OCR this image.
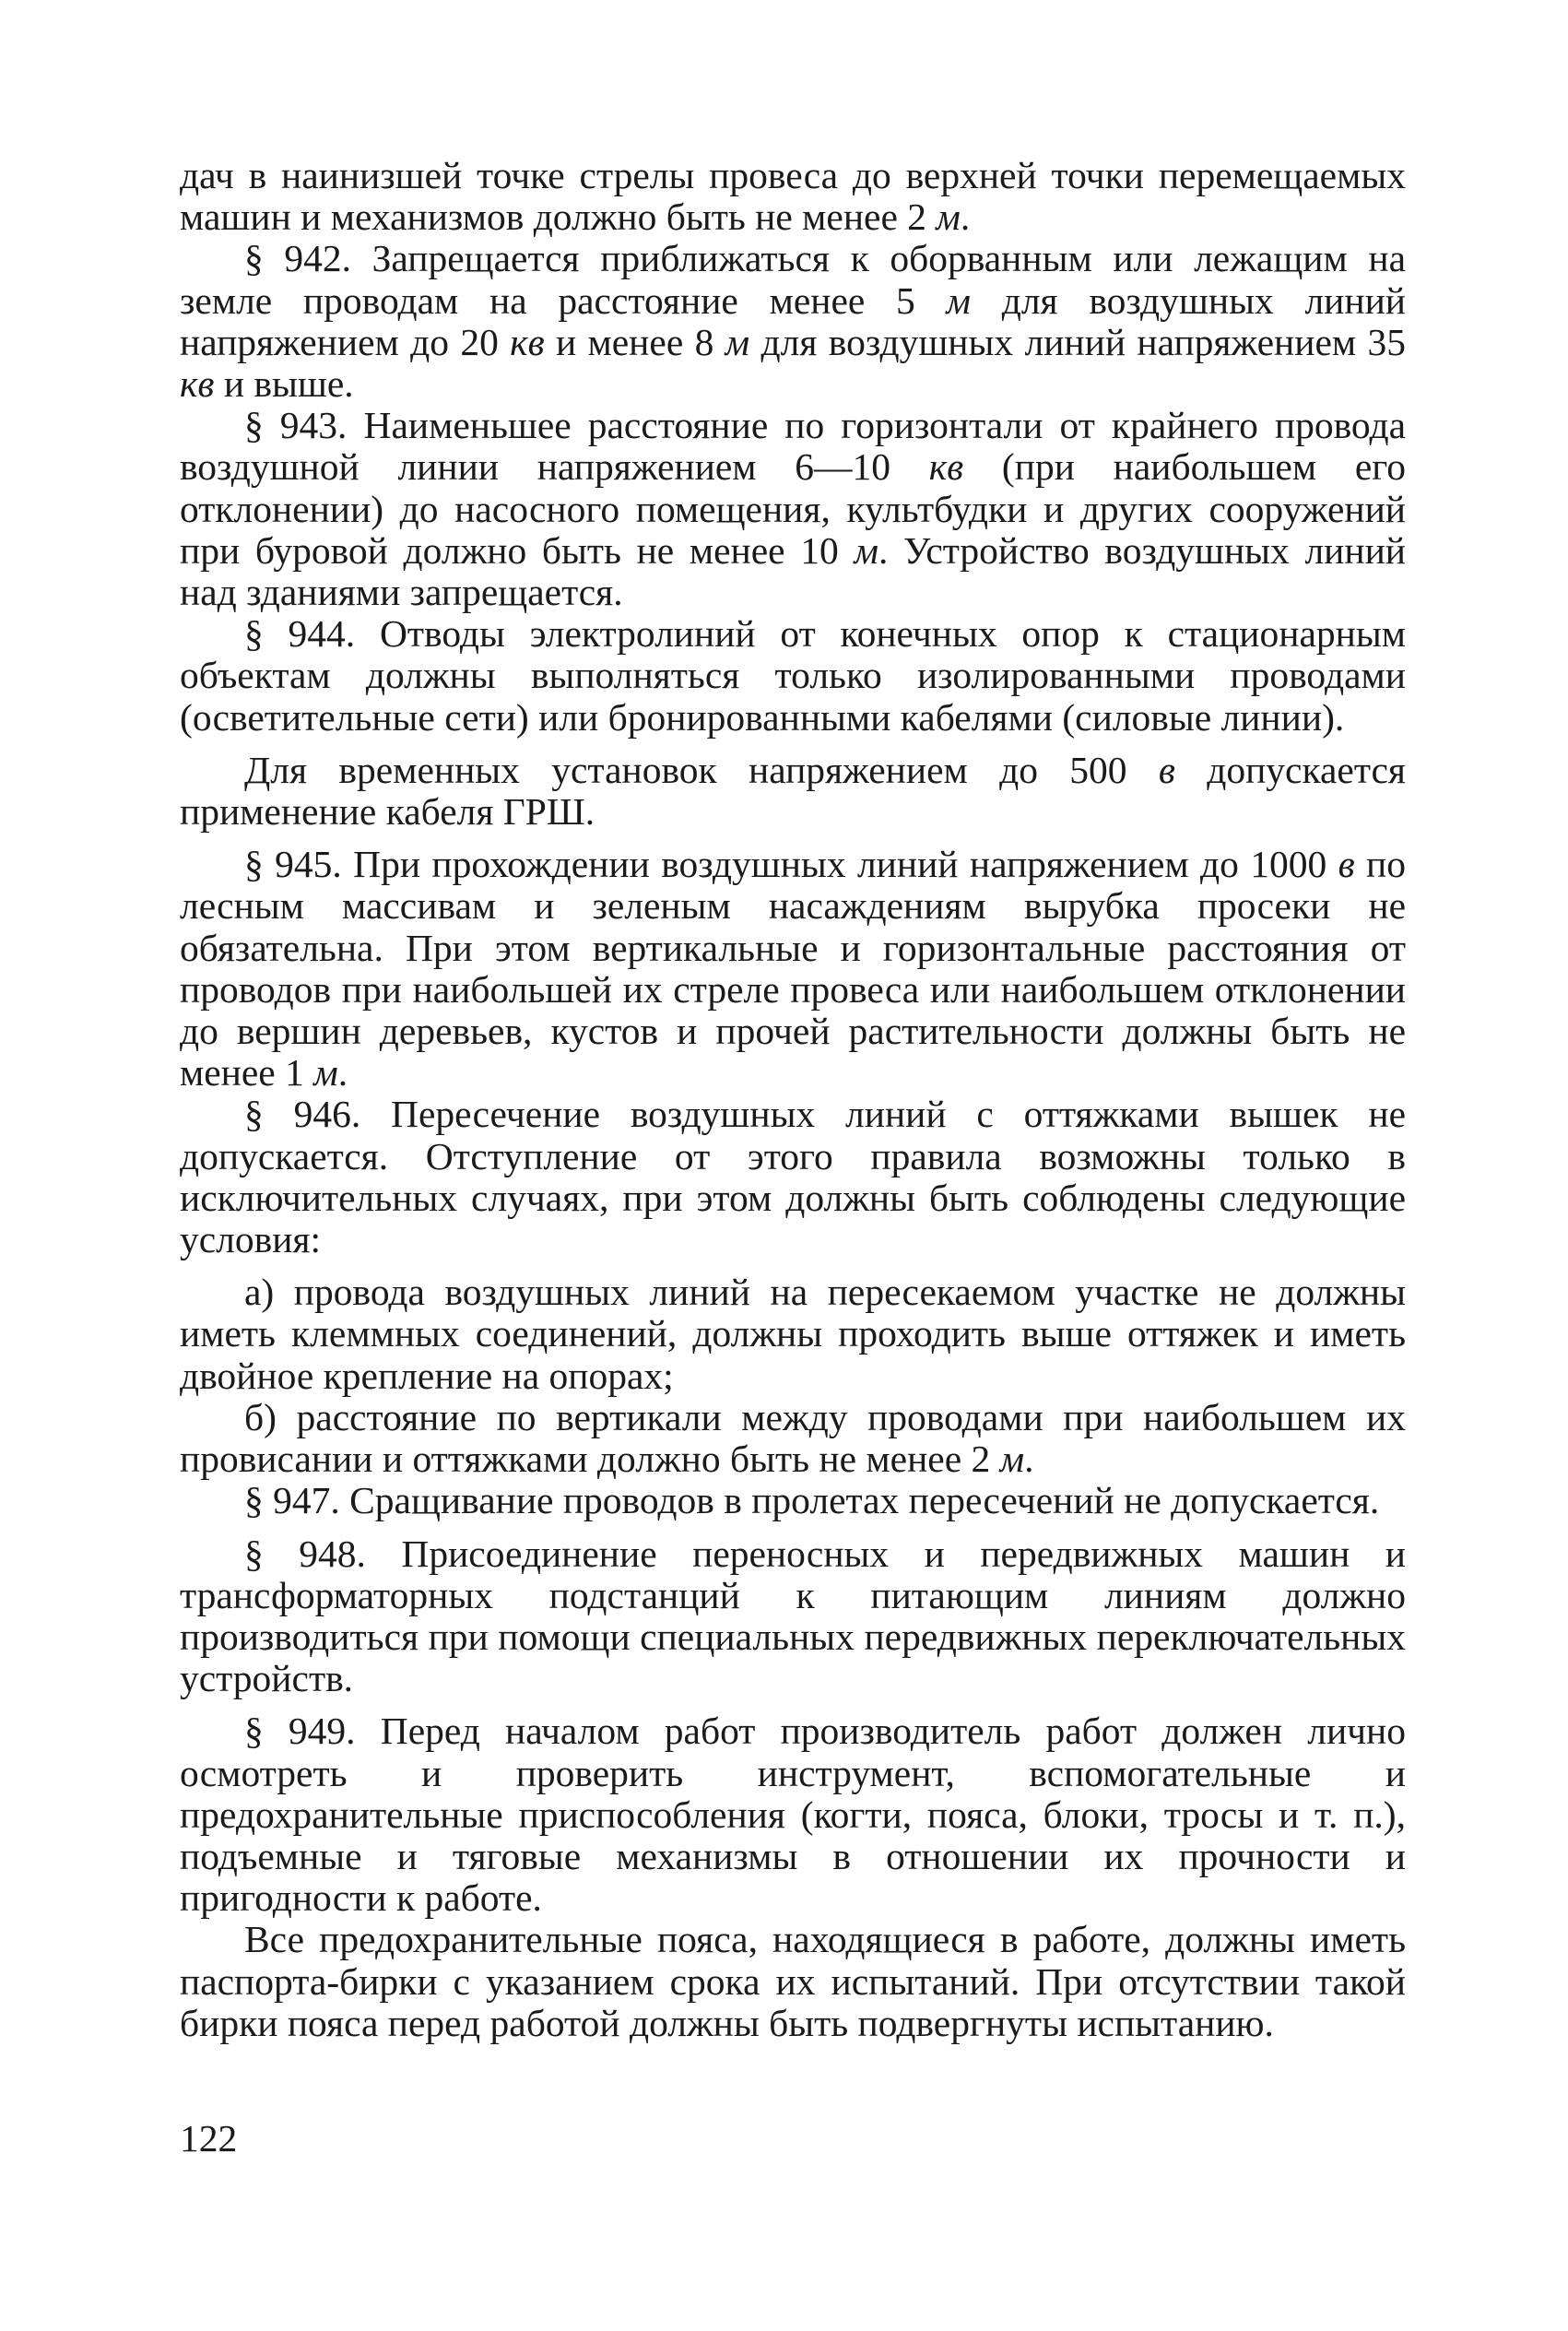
дач в наинизшей точке стрелы провеса до верхней точки перемещаемых машин и механизмов должно быть не менее 2 м.

§ 942. Запрещается приближаться к оборванным или лежащим на земле проводам на расстояние менее 5 м для воздушных линий напряжением до 20 кв и менее 8 м для воздушных линий напряжением 35 кв и выше.

§ 943. Наименьшее расстояние по горизонтали от крайнего провода воздушной линии напряжением 6—10 кв (при наибольшем его отклонении) до насосного помещения, культбудки и других сооружений при буровой должно быть не менее 10 м. Устройство воздушных линий над зданиями запрещается.

§ 944. Отводы электролиний от конечных опор к стационарным объектам должны выполняться только изолированными проводами (осветительные сети) или бронированными кабелями (силовые линии).

Для временных установок напряжением до 500 в допускается применение кабеля ГРШ.

§ 945. При прохождении воздушных линий напряжением до 1000 в по лесным массивам и зеленым насаждениям вырубка просеки не обязательна. При этом вертикальные и горизонтальные расстояния от проводов при наибольшей их стреле провеса или наибольшем отклонении до вершин деревьев, кустов и прочей растительности должны быть не менее 1 м.

§ 946. Пересечение воздушных линий с оттяжками вышек не допускается. Отступление от этого правила возможны только в исключительных случаях, при этом должны быть соблюдены следующие условия:

а) провода воздушных линий на пересекаемом участке не должны иметь клеммных соединений, должны проходить выше оттяжек и иметь двойное крепление на опорах;

б) расстояние по вертикали между проводами при наибольшем их провисании и оттяжками должно быть не менее 2 м.

§ 947. Сращивание проводов в пролетах пересечений не допускается.

§ 948. Присоединение переносных и передвижных машин и трансформаторных подстанций к питающим линиям должно производиться при помощи специальных передвижных переключательных устройств.

§ 949. Перед началом работ производитель работ должен лично осмотреть и проверить инструмент, вспомогательные и предохранительные приспособления (когти, пояса, блоки, тросы и т. п.), подъемные и тяговые механизмы в отношении их прочности и пригодности к работе.

Все предохранительные пояса, находящиеся в работе, должны иметь паспорта-бирки с указанием срока их испытаний. При отсутствии такой бирки пояса перед работой должны быть подвергнуты испытанию.

122
